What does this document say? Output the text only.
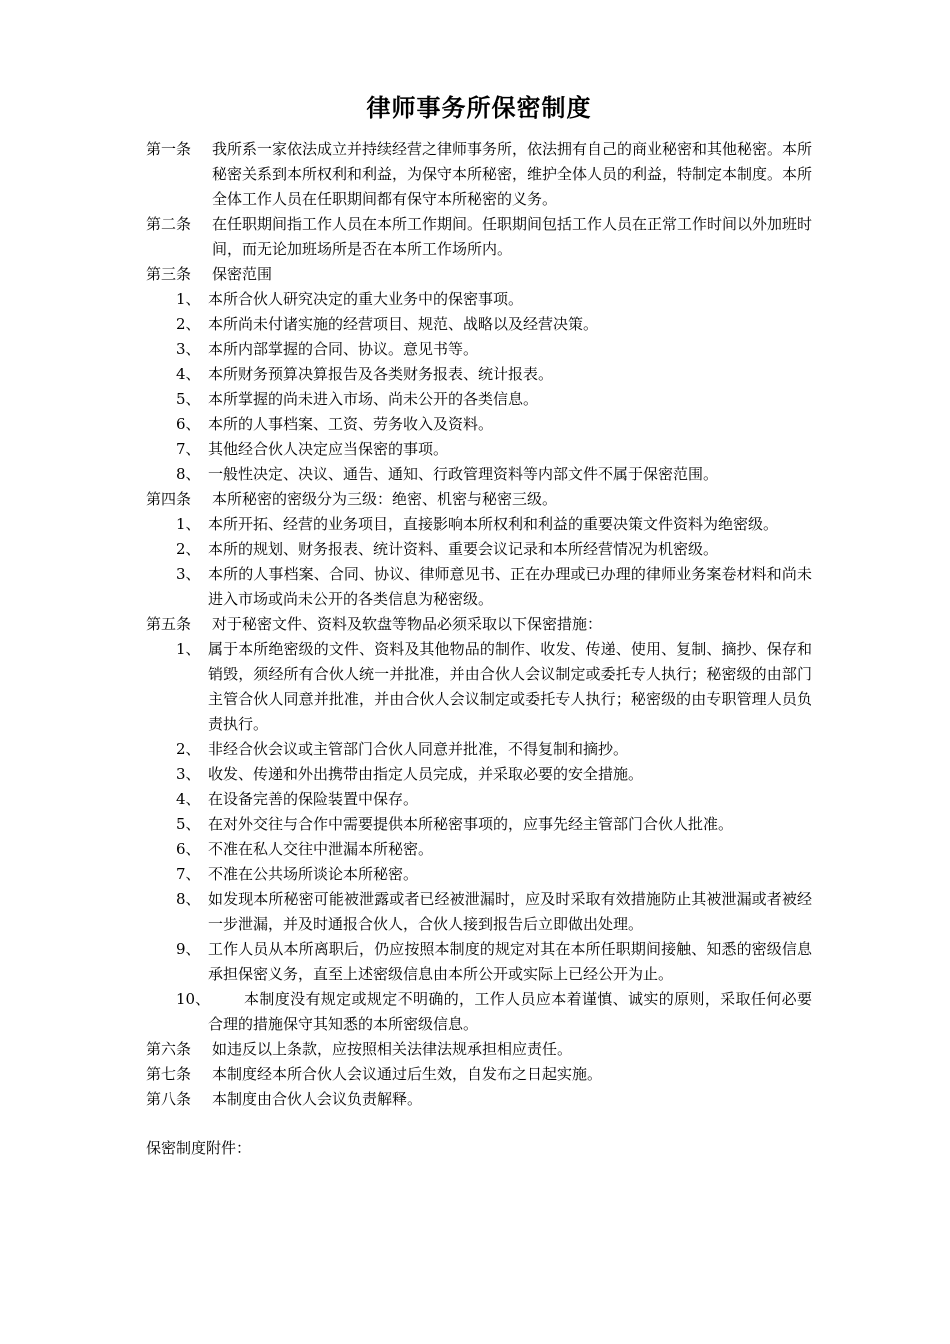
律师事务所保密制度
第一条	我所系一家依法成立并持续经营之律师事务所，依法拥有自己的商业秘密和其他秘密。本所秘密关系到本所权利和利益，为保守本所秘密，维护全体人员的利益，特制定本制度。本所全体工作人员在任职期间都有保守本所秘密的义务。
第二条	在任职期间指工作人员在本所工作期间。任职期间包括工作人员在正常工作时间以外加班时间，而无论加班场所是否在本所工作场所内。
第三条	保密范围
1、 本所合伙人研究决定的重大业务中的保密事项。
2、 本所尚未付诸实施的经营项目、规范、战略以及经营决策。
3、 本所内部掌握的合同、协议。意见书等。
4、 本所财务预算决算报告及各类财务报表、统计报表。
5、 本所掌握的尚未进入市场、尚未公开的各类信息。
6、 本所的人事档案、工资、劳务收入及资料。
7、 其他经合伙人决定应当保密的事项。
8、 一般性决定、决议、通告、通知、行政管理资料等内部文件不属于保密范围。
第四条	本所秘密的密级分为三级：绝密、机密与秘密三级。
1、 本所开拓、经营的业务项目，直接影响本所权利和利益的重要决策文件资料为绝密级。
2、 本所的规划、财务报表、统计资料、重要会议记录和本所经营情况为机密级。
3、 本所的人事档案、合同、协议、律师意见书、正在办理或已办理的律师业务案卷材料和尚未进入市场或尚未公开的各类信息为秘密级。
第五条	对于秘密文件、资料及软盘等物品必须采取以下保密措施：
1、 属于本所绝密级的文件、资料及其他物品的制作、收发、传递、使用、复制、摘抄、保存和销毁，须经所有合伙人统一并批准，并由合伙人会议制定或委托专人执行；秘密级的由部门主管合伙人同意并批准，并由合伙人会议制定或委托专人执行；秘密级的由专职管理人员负责执行。
2、 非经合伙会议或主管部门合伙人同意并批准，不得复制和摘抄。
3、 收发、传递和外出携带由指定人员完成，并采取必要的安全措施。
4、 在设备完善的保险装置中保存。
5、 在对外交往与合作中需要提供本所秘密事项的，应事先经主管部门合伙人批准。
6、 不准在私人交往中泄漏本所秘密。
7、 不准在公共场所谈论本所秘密。
8、 如发现本所秘密可能被泄露或者已经被泄漏时，应及时采取有效措施防止其被泄漏或者被经一步泄漏，并及时通报合伙人，合伙人接到报告后立即做出处理。
9、 工作人员从本所离职后，仍应按照本制度的规定对其在本所任职期间接触、知悉的密级信息承担保密义务，直至上述密级信息由本所公开或实际上已经公开为止。
10、	本制度没有规定或规定不明确的，工作人员应本着谨慎、诚实的原则，采取任何必要合理的措施保守其知悉的本所密级信息。
第六条	如违反以上条款，应按照相关法律法规承担相应责任。
第七条	本制度经本所合伙人会议通过后生效，自发布之日起实施。
第八条	本制度由合伙人会议负责解释。
保密制度附件：
